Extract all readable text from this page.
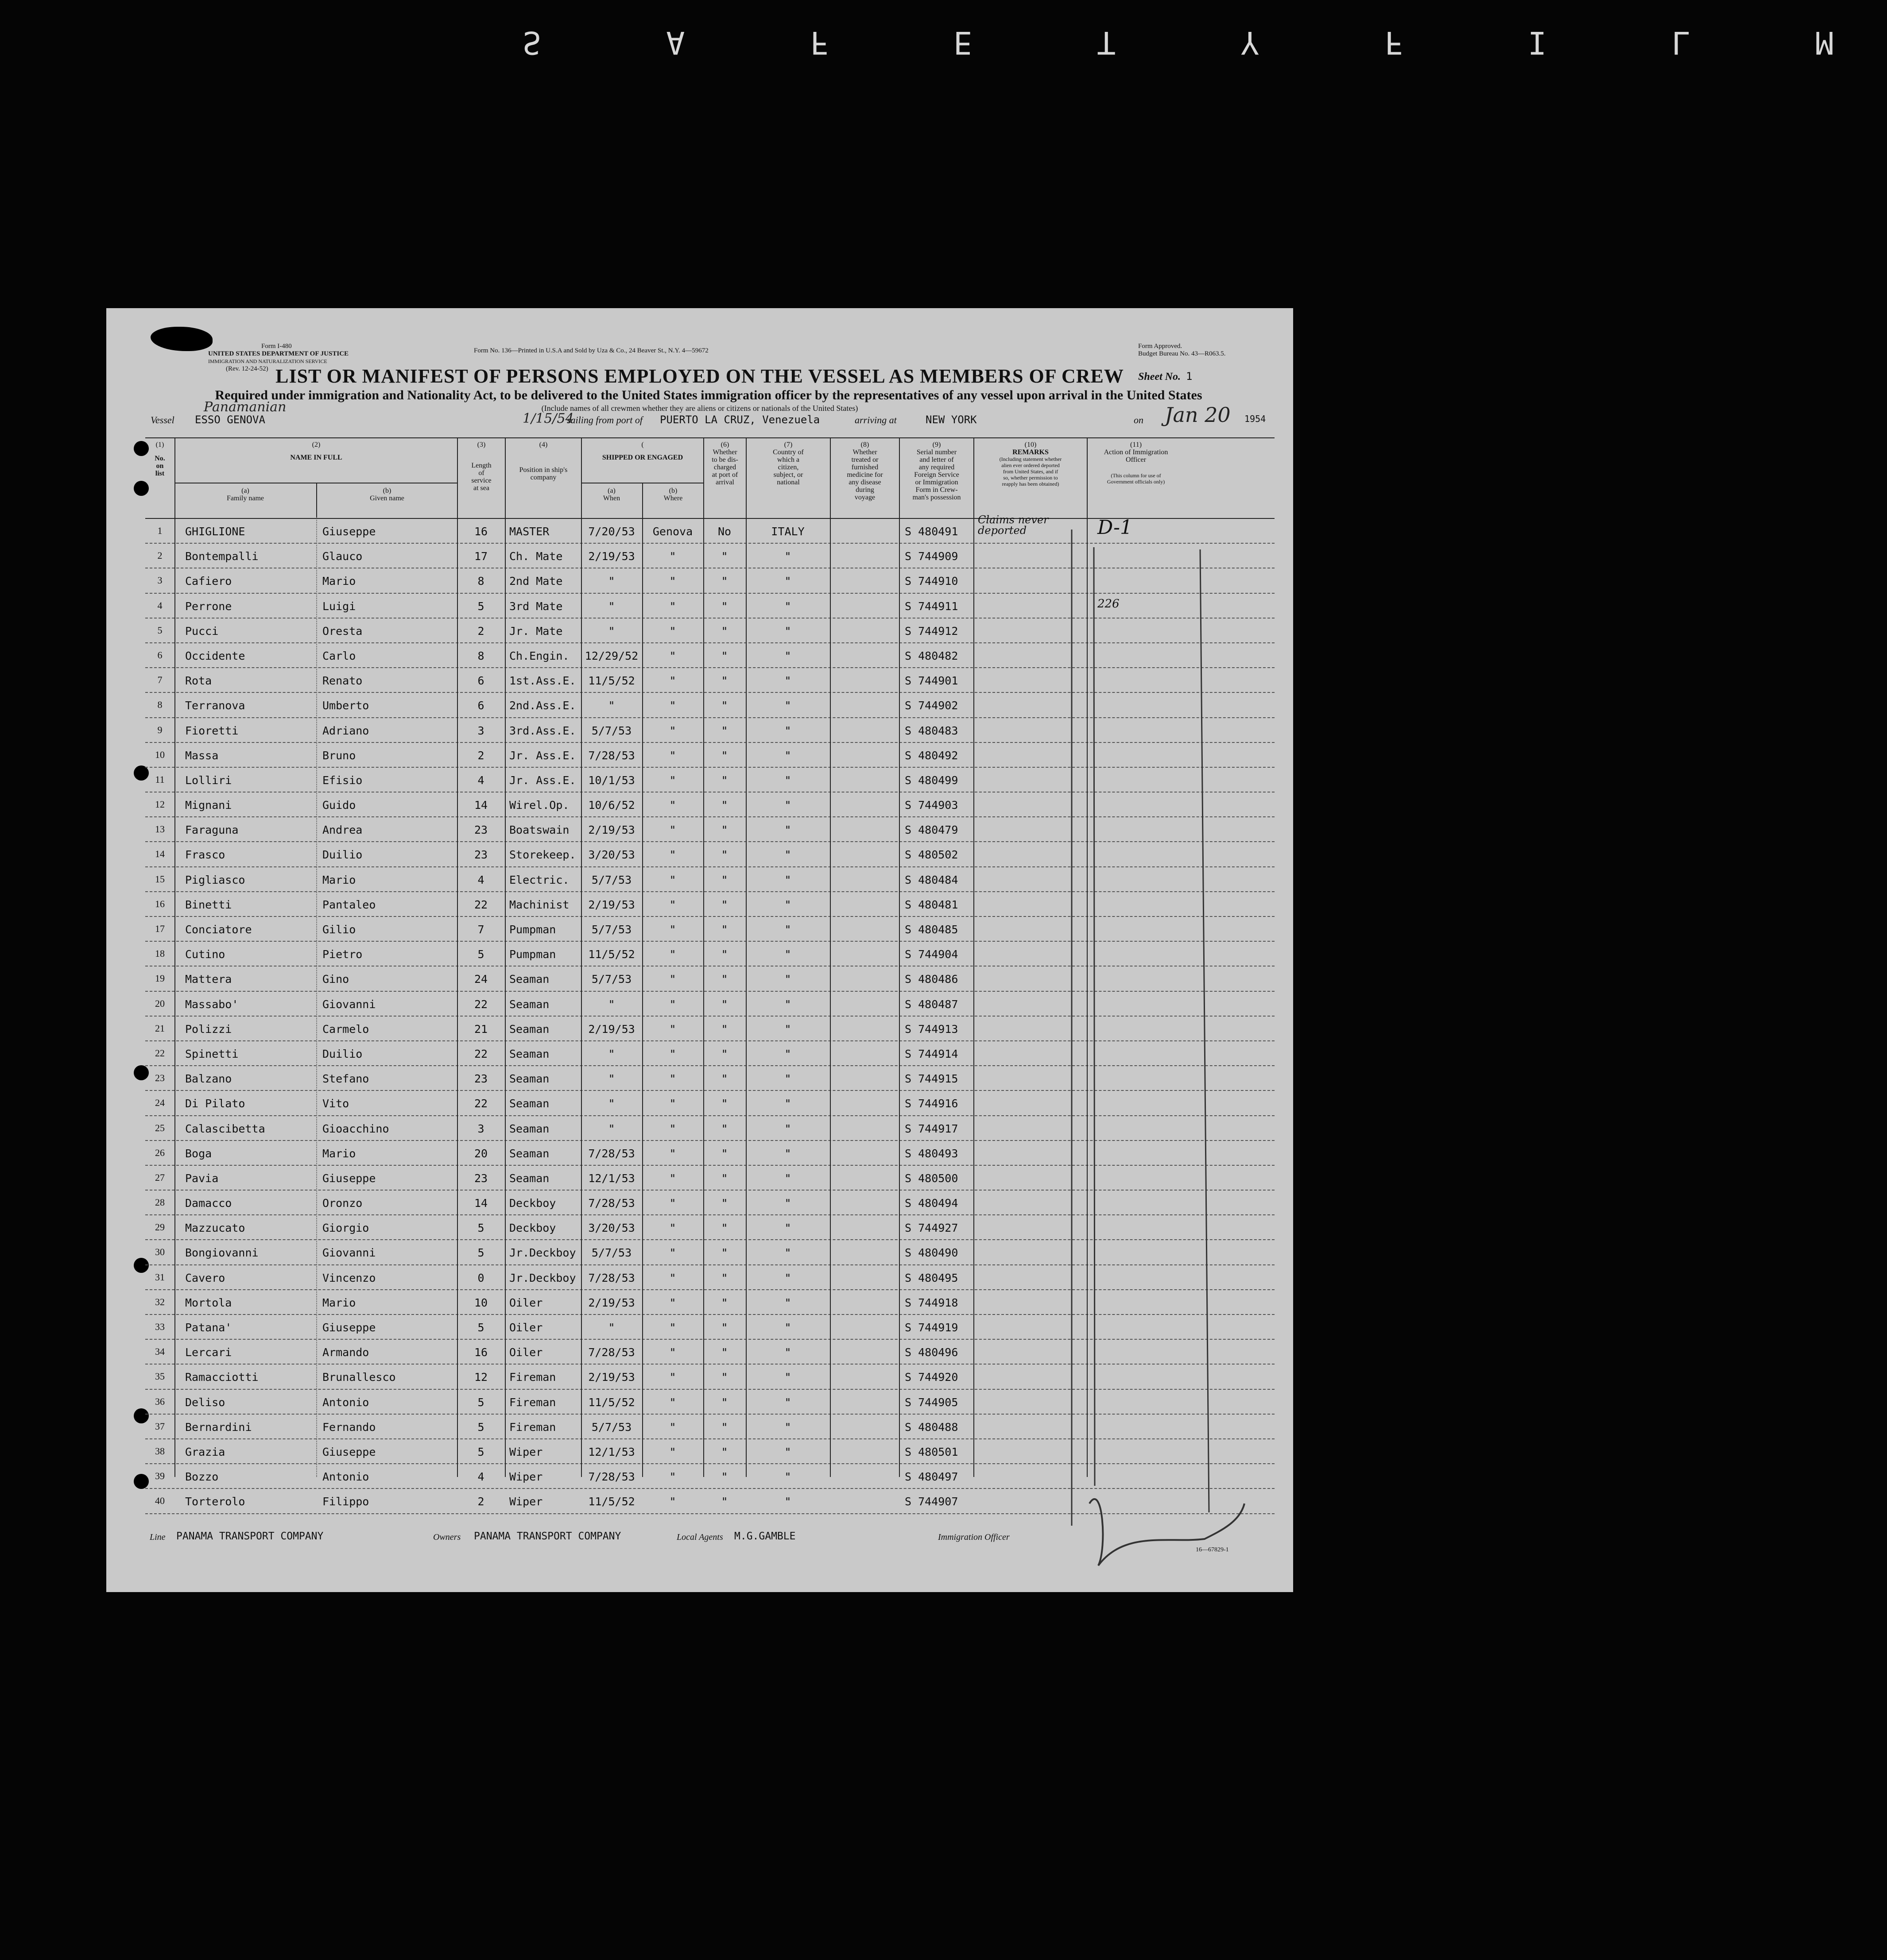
S A F E T Y F I L M
Form I-480
UNITED STATES DEPARTMENT OF JUSTICE
IMMIGRATION AND NATURALIZATION SERVICE
(Rev. 12-24-52)
Form No. 136—Printed in U.S.A and Sold by Uza & Co., 24 Beaver St., N.Y. 4—59672
Form Approved.
Budget Bureau No. 43—R063.5.
LIST OR MANIFEST OF PERSONS EMPLOYED ON THE VESSEL AS MEMBERS OF CREW	Sheet No. 1
Required under immigration and Nationality Act, to be delivered to the United States immigration officer by the representatives of any vessel upon arrival in the United States
(Include names of all crewmen whether they are aliens or citizens or nationals of the United States)
Vessel
Panamanian
ESSO GENOVA	1/15/54
sailing from port of PUERTO LA CRUZ, Venezuela	arriving at	NEW YORK	on Jan 20 1954
(1)
No.
on
list
(2)
NAME IN FULL
(a)
Family name
(b)
Given name
(3)
Length
of
service
at sea
(4)
Position in ship's
company
(
SHIPPED OR ENGAGED
(a)
When
(b)
Where
(6)
Whether
to be dis-
charged
at port of
arrival
(7)
Country of
which a
citizen,
subject, or
national
(8)
Whether
treated or
furnished
medicine for
any disease
during
voyage
(9)
Serial number
and letter of
any required
Foreign Service
or Immigration
Form in Crew-
man's possession
(10)
REMARKS
(Including statement whether
alien ever ordered deported
from United States, and if
so, whether permission to
reapply has been obtained)
(11)
Action of Immigration
Officer
(This column for use of
Government officials only)
1	GHIGLIONE	Giuseppe	16	MASTER	7/20/53	Genova	No	ITALY	S 480491
Claims never deported	D-1
2	Bontempalli	Glauco	17	Ch. Mate	2/19/53	"	"	"	S 744909
3	Cafiero	Mario	8	2nd Mate	"	"	"	"	S 744910
4	Perrone	Luigi	5	3rd Mate	"	"	"	"	S 744911	226
5	Pucci	Oresta	2	Jr. Mate	"	"	"	"	S 744912
6	Occidente	Carlo	8	Ch.Engin.	12/29/52	"	"	"	S 480482
7	Rota	Renato	6	1st.Ass.E.	11/5/52	"	"	"	S 744901
8	Terranova	Umberto	6	2nd.Ass.E.	"	"	"	"	S 744902
9	Fioretti	Adriano	3	3rd.Ass.E.	5/7/53	"	"	"	S 480483
10	Massa	Bruno	2	Jr. Ass.E.	7/28/53	"	"	"	S 480492
11	Lolliri	Efisio	4	Jr. Ass.E.	10/1/53	"	"	"	S 480499
12	Mignani	Guido	14	Wirel.Op.	10/6/52	"	"	"	S 744903
13	Faraguna	Andrea	23	Boatswain	2/19/53	"	"	"	S 480479
14	Frasco	Duilio	23	Storekeep.	3/20/53	"	"	"	S 480502
15	Pigliasco	Mario	4	Electric.	5/7/53	"	"	"	S 480484
16	Binetti	Pantaleo	22	Machinist	2/19/53	"	"	"	S 480481
17	Conciatore	Gilio	7	Pumpman	5/7/53	"	"	"	S 480485
18	Cutino	Pietro	5	Pumpman	11/5/52	"	"	"	S 744904
19	Mattera	Gino	24	Seaman	5/7/53	"	"	"	S 480486
20	Massabo'	Giovanni	22	Seaman	"	"	"	"	S 480487
21	Polizzi	Carmelo	21	Seaman	2/19/53	"	"	"	S 744913
22	Spinetti	Duilio	22	Seaman	"	"	"	"	S 744914
23	Balzano	Stefano	23	Seaman	"	"	"	"	S 744915
24	Di Pilato	Vito	22	Seaman	"	"	"	"	S 744916
25	Calascibetta	Gioacchino	3	Seaman	"	"	"	"	S 744917
26	Boga	Mario	20	Seaman	7/28/53	"	"	"	S 480493
27	Pavia	Giuseppe	23	Seaman	12/1/53	"	"	"	S 480500
28	Damacco	Oronzo	14	Deckboy	7/28/53	"	"	"	S 480494
29	Mazzucato	Giorgio	5	Deckboy	3/20/53	"	"	"	S 744927
30	Bongiovanni	Giovanni	5	Jr.Deckboy	5/7/53	"	"	"	S 480490
31	Cavero	Vincenzo	0	Jr.Deckboy	7/28/53	"	"	"	S 480495
32	Mortola	Mario	10	Oiler	2/19/53	"	"	"	S 744918
33	Patana'	Giuseppe	5	Oiler	"	"	"	"	S 744919
34	Lercari	Armando	16	Oiler	7/28/53	"	"	"	S 480496
35	Ramacciotti	Brunallesco	12	Fireman	2/19/53	"	"	"	S 744920
36	Deliso	Antonio	5	Fireman	11/5/52	"	"	"	S 744905
37	Bernardini	Fernando	5	Fireman	5/7/53	"	"	"	S 480488
38	Grazia	Giuseppe	5	Wiper	12/1/53	"	"	"	S 480501
39	Bozzo	Antonio	4	Wiper	7/28/53	"	"	"	S 480497
40	Torterolo	Filippo	2	Wiper	11/5/52	"	"	"	S 744907
Line PANAMA TRANSPORT COMPANY	Owners PANAMA TRANSPORT COMPANY	Local Agents M.G.GAMBLE	Immigration Officer
16—67829-1
